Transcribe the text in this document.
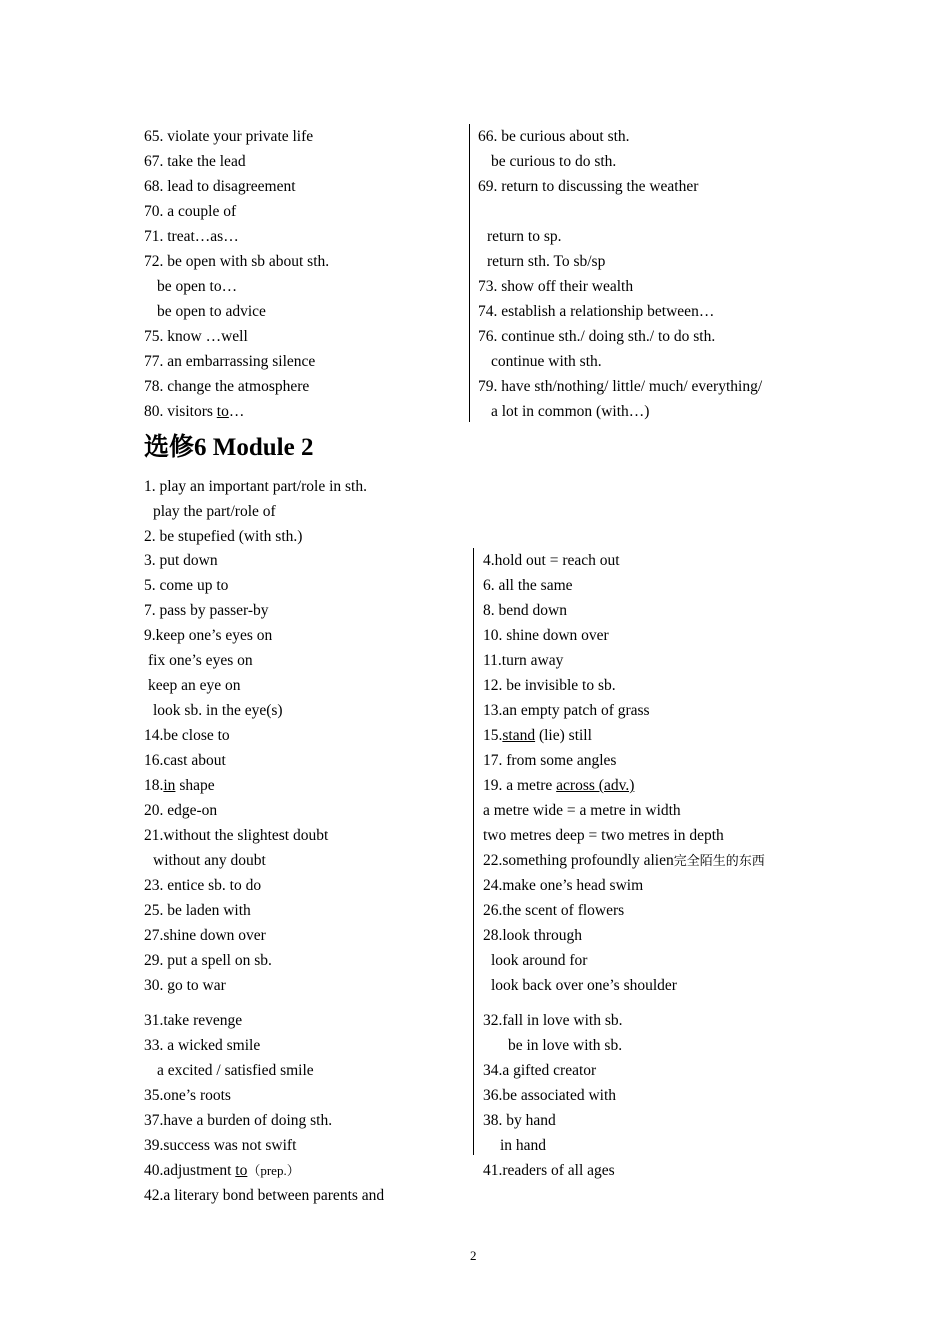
65. violate your private life
67. take the lead
68. lead to disagreement
70. a couple of
71. treat…as…
72. be open with sb about sth.
be open to…
be open to advice
75. know …well
77. an embarrassing silence
78. change the atmosphere
80. visitors to…
66. be curious about sth.
be curious to do sth.
69. return to discussing the weather
return to sp.
return sth. To sb/sp
73. show off their wealth
74. establish a relationship between…
76. continue sth./ doing sth./ to do sth.
continue with sth.
79. have sth/nothing/ little/ much/ everything/
a lot in common (with…)
选修6 Module 2
1. play an important part/role in sth.
play the part/role of
2. be stupefied (with sth.)
3. put down
5. come up to
7. pass by passer-by
9.keep one’s eyes on
fix one’s eyes on
keep an eye on
look sb. in the eye(s)
14.be close to
16.cast about
18.in shape
20. edge-on
21.without the slightest doubt
without any doubt
23. entice sb. to do
25. be laden with
27.shine down over
29. put a spell on sb.
30. go to war
31.take revenge
33. a wicked smile
a excited / satisfied smile
35.one’s roots
37.have a burden of doing sth.
39.success was not swift
40.adjustment to（prep.）
42.a literary bond between parents and
4.hold out = reach out
6. all the same
8. bend down
10. shine down over
11.turn away
12. be invisible to sb.
13.an empty patch of grass
15.stand (lie) still
17. from some angles
19. a metre across (adv.)
a metre wide = a metre in width
two metres deep = two metres in depth
22.something profoundly alien完全陌生的东西
24.make one’s head swim
26.the scent of flowers
28.look through
look around for
look back over one’s shoulder
32.fall in love with sb.
be in love with sb.
34.a gifted creator
36.be associated with
38. by hand
in hand
41.readers of all ages
2
